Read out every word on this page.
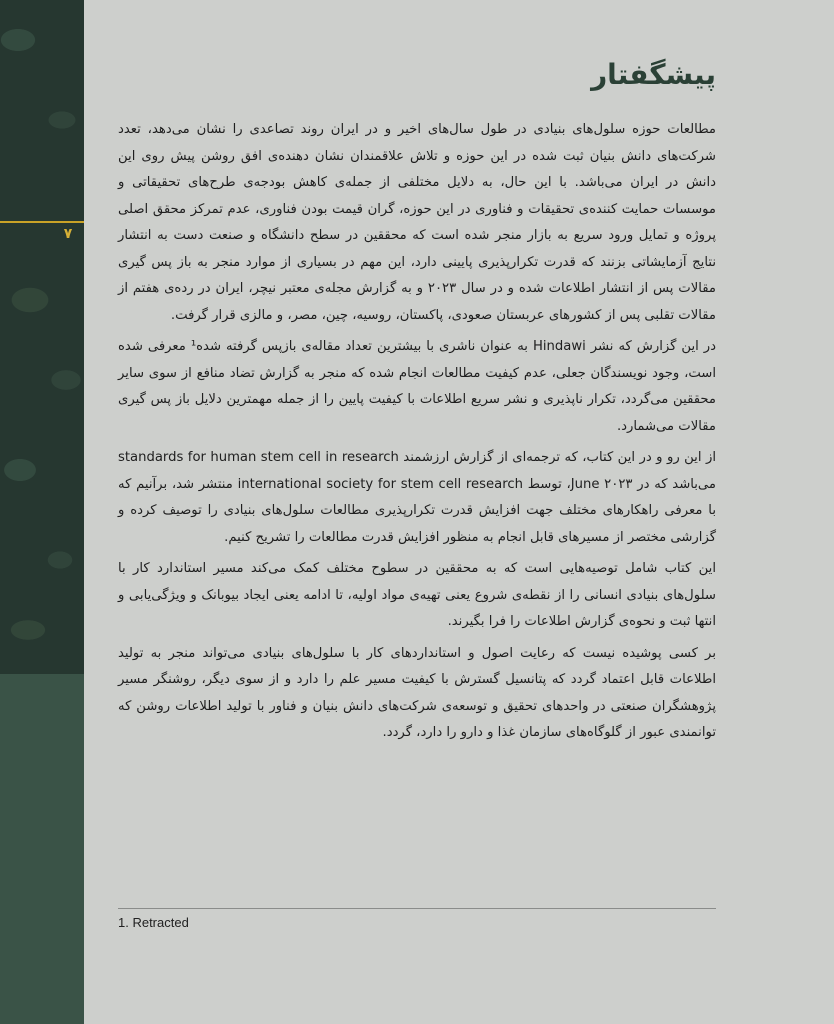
۷
پیشگفتار

مطالعات حوزه سلول‌های بنیادی در طول سال‌های اخیر و در ایران روند تصاعدی را نشان می‌دهد، تعدد شرکت‌های دانش بنیان ثبت شده در این حوزه و تلاش علاقمندان نشان دهنده‌ی افق روشن پیش روی این دانش در ایران می‌باشد. با این حال، به دلایل مختلفی از جمله‌ی کاهش بودجه‌ی طرح‌های تحقیقاتی و موسسات حمایت کننده‌ی تحقیقات و فناوری در این حوزه، گران قیمت بودن فناوری، عدم تمرکز محقق اصلی پروژه و تمایل ورود سریع به بازار منجر شده است که محققین در سطح دانشگاه و صنعت دست به انتشار نتایج آزمایشاتی بزنند که قدرت تکرارپذیری پایینی دارد، این مهم در بسیاری از موارد منجر به باز پس گیری مقالات پس از انتشار اطلاعات شده و در سال ۲۰۲۳ و به گزارش مجله‌ی معتبر نیچر، ایران در رده‌ی هفتم از مقالات تقلبی پس از کشورهای عربستان صعودی، پاکستان، روسیه، چین، مصر، و مالزی قرار گرفت.

در این گزارش که نشر Hindawi به عنوان ناشری با بیشترین تعداد مقاله‌ی بازپس گرفته شده¹ معرفی شده است، وجود نویسندگان جعلی، عدم کیفیت مطالعات انجام شده که منجر به گزارش تضاد منافع از سوی سایر محققین می‌گردد، تکرار ناپذیری و نشر سریع اطلاعات با کیفیت پایین را از جمله مهمترین دلایل باز پس گیری مقالات می‌شمارد.

از این رو و در این کتاب، که ترجمه‌ای از گزارش ارزشمند standards for human stem cell in research می‌باشد که در June ۲۰۲۳، توسط international society for stem cell research منتشر شد، برآنیم که با معرفی راهکارهای مختلف جهت افزایش قدرت تکرارپذیری مطالعات سلول‌های بنیادی را توصیف کرده و گزارشی مختصر از مسیرهای قابل انجام به منظور افزایش قدرت مطالعات را تشریح کنیم.

این کتاب شامل توصیه‌هایی است که به محققین در سطوح مختلف کمک می‌کند مسیر استاندارد کار با سلول‌های بنیادی انسانی را از نقطه‌ی شروع یعنی تهیه‌ی مواد اولیه، تا ادامه یعنی ایجاد بیوبانک و ویژگی‌یابی و انتها ثبت و نحوه‌ی گزارش اطلاعات را فرا بگیرند.

بر کسی پوشیده نیست که رعایت اصول و استانداردهای کار با سلول‌های بنیادی می‌تواند منجر به تولید اطلاعات قابل اعتماد گردد که پتانسیل گسترش با کیفیت مسیر علم را دارد و از سوی دیگر، روشنگر مسیر پژوهشگران صنعتی در واحدهای تحقیق و توسعه‌ی شرکت‌های دانش بنیان و فناور با تولید اطلاعات روشن که توانمندی عبور از گلوگاه‌های سازمان غذا و دارو را دارد، گردد.

1. Retracted
